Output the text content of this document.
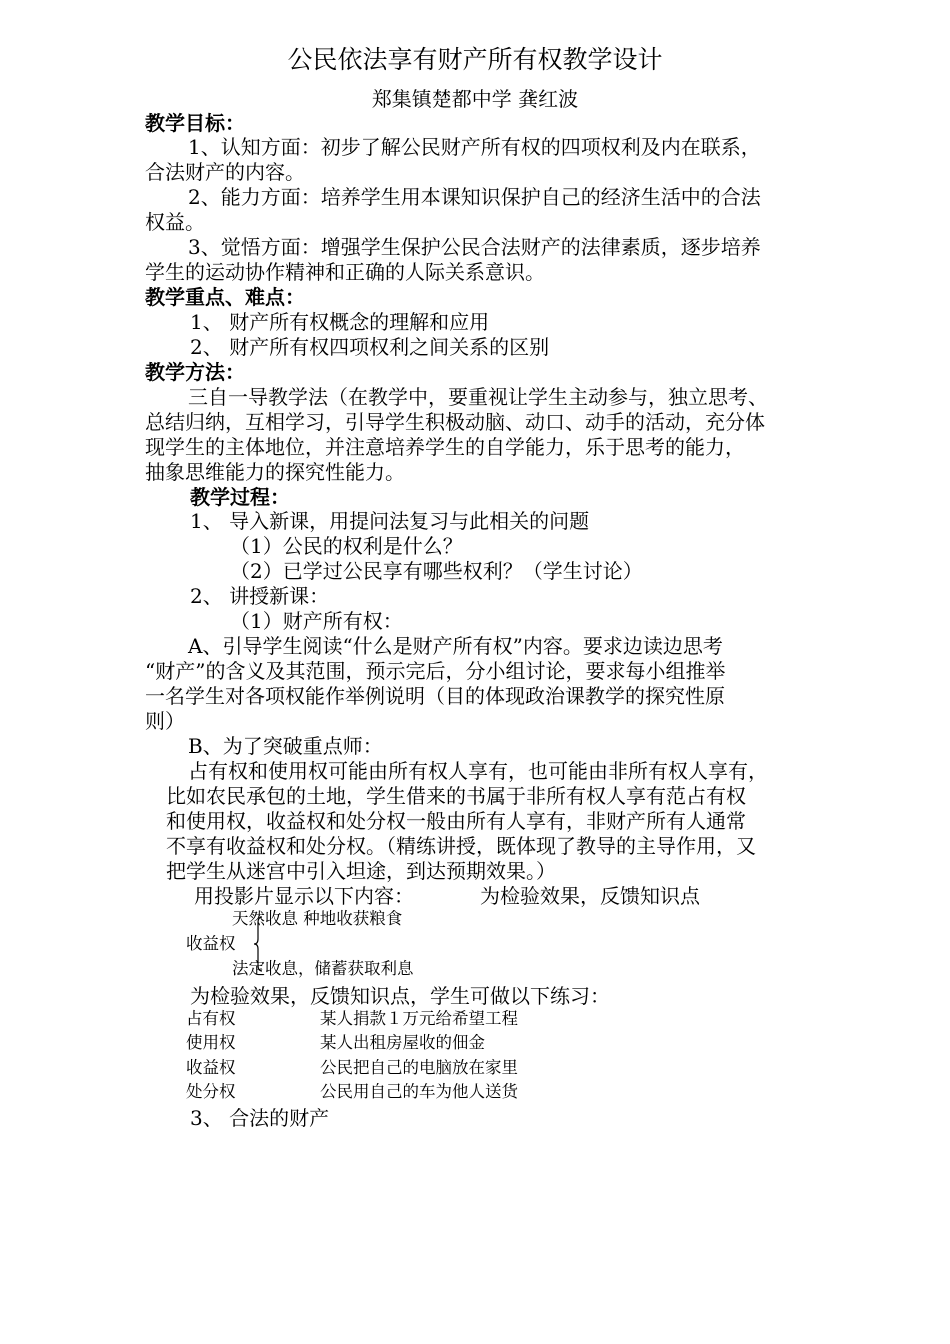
公民依法享有财产所有权教学设计
郑集镇楚都中学 龚红波
教学目标：
1、认知方面：初步了解公民财产所有权的四项权利及内在联系，
合法财产的内容。
2、能力方面：培养学生用本课知识保护自己的经济生活中的合法
权益。
3、觉悟方面：增强学生保护公民合法财产的法律素质，逐步培养
学生的运动协作精神和正确的人际关系意识。
教学重点、难点：
1、 财产所有权概念的理解和应用
2、 财产所有权四项权利之间关系的区别
教学方法：
三自一导教学法（在教学中，要重视让学生主动参与，独立思考、
总结归纳，互相学习，引导学生积极动脑、动口、动手的活动，充分体
现学生的主体地位，并注意培养学生的自学能力，乐于思考的能力，
抽象思维能力的探究性能力。
教学过程：
1、 导入新课，用提问法复习与此相关的问题
（1）公民的权利是什么？
（2）已学过公民享有哪些权利？（学生讨论）
2、 讲授新课：
（1）财产所有权：
A、引导学生阅读“什么是财产所有权”内容。要求边读边思考
“财产”的含义及其范围，预示完后，分小组讨论，要求每小组推举
一名学生对各项权能作举例说明（目的体现政治课教学的探究性原
则）
B、为了突破重点师：
占有权和使用权可能由所有权人享有，也可能由非所有权人享有，
比如农民承包的土地，学生借来的书属于非所有权人享有范占有权
和使用权，收益权和处分权一般由所有人享有，非财产所有人通常
不享有收益权和处分权。（精练讲授，既体现了教导的主导作用，又
把学生从迷宫中引入坦途，到达预期效果。）
用投影片显示以下内容：	为检验效果，反馈知识点
天然收息 种地收获粮食
收益权
法定收息，储蓄获取利息
为检验效果，反馈知识点，学生可做以下练习：
占有权	某人捐款１万元给希望工程
使用权	某人出租房屋收的佃金
收益权	公民把自己的电脑放在家里
处分权	公民用自己的车为他人送货
3、 合法的财产
